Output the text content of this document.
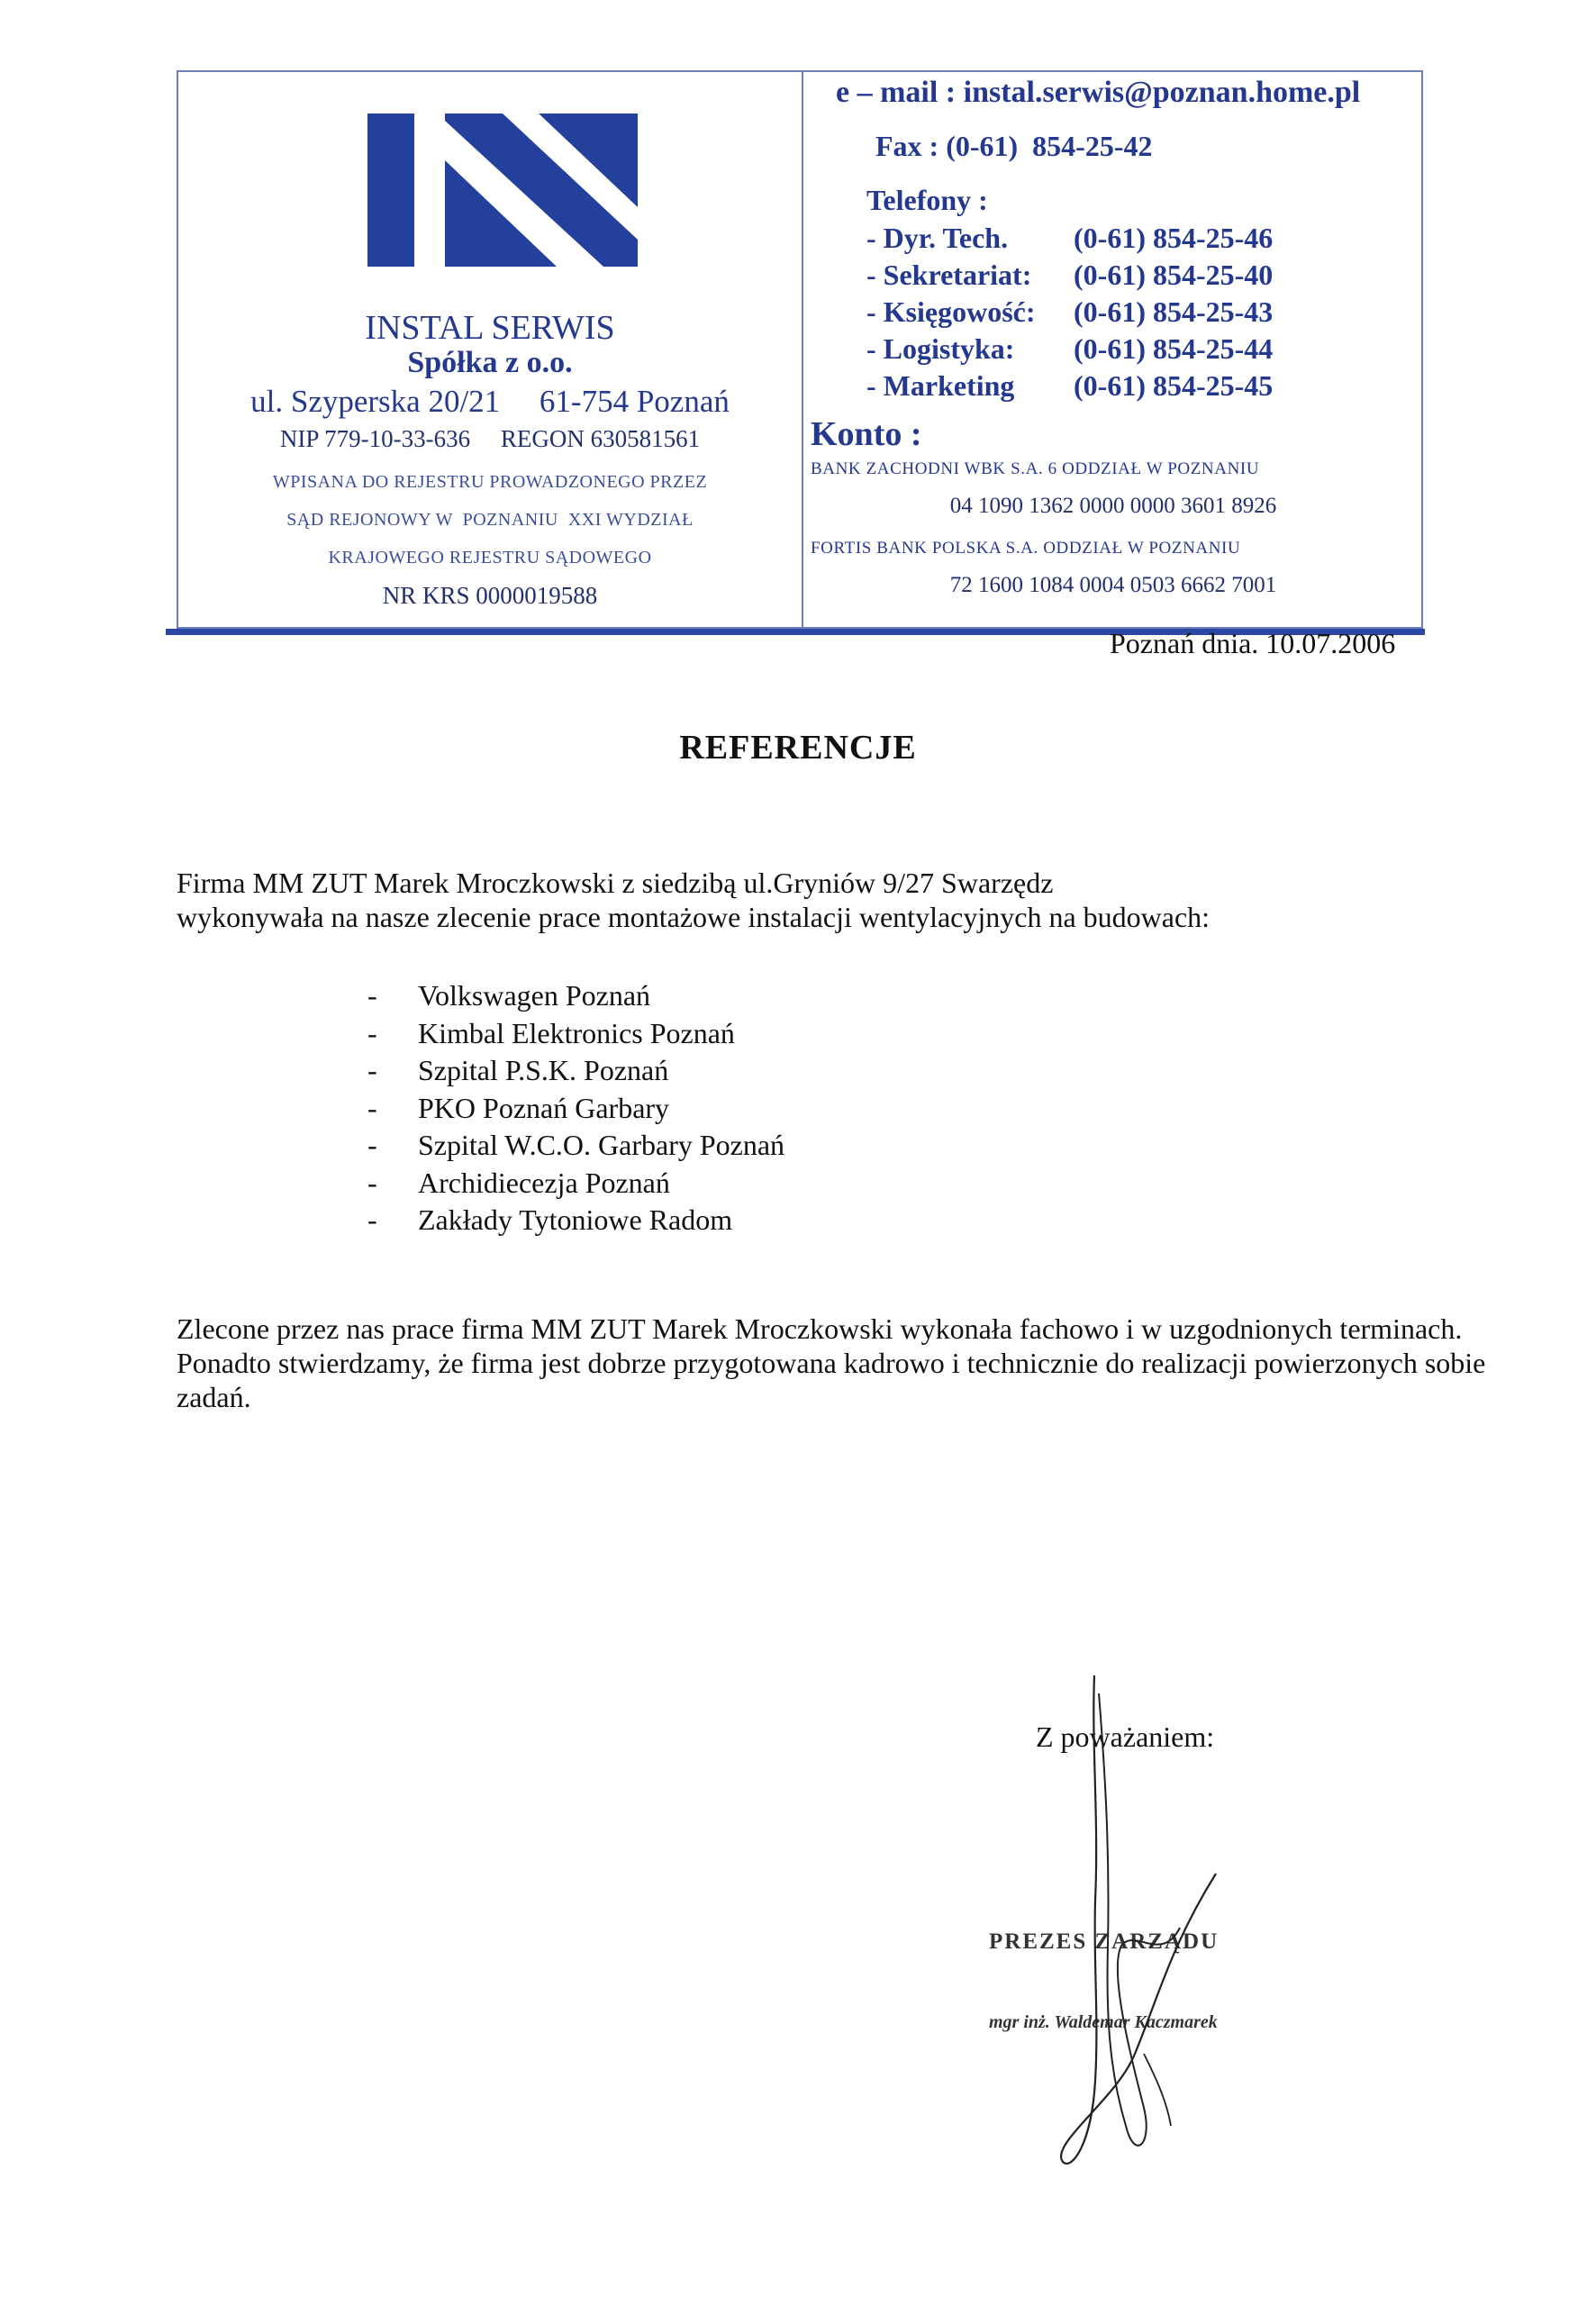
INSTAL SERWIS
Spółka z o.o.
ul. Szyperska 20/21     61-754 Poznań
NIP 779-10-33-636     REGON 630581561
WPISANA DO REJESTRU PROWADZONEGO PRZEZ
SĄD REJONOWY W  POZNANIU  XXI WYDZIAŁ
KRAJOWEGO REJESTRU SĄDOWEGO
NR KRS 0000019588
e – mail : instal.serwis@poznan.home.pl
Fax : (0-61)  854-25-42
Telefony :
- Dyr. Tech. (0-61) 854-25-46
- Sekretariat: (0-61) 854-25-40
- Księgowość: (0-61) 854-25-43
- Logistyka: (0-61) 854-25-44
- Marketing (0-61) 854-25-45
Konto :
BANK ZACHODNI WBK S.A. 6 ODDZIAŁ W POZNANIU
04 1090 1362 0000 0000 3601 8926
FORTIS BANK POLSKA S.A. ODDZIAŁ W POZNANIU
72 1600 1084 0004 0503 6662 7001
Poznań dnia. 10.07.2006
REFERENCJE
Firma MM ZUT Marek Mroczkowski z siedzibą ul.Gryniów 9/27 Swarzędz
wykonywała na nasze zlecenie prace montażowe instalacji wentylacyjnych na budowach:
- Volkswagen Poznań
- Kimbal Elektronics Poznań
- Szpital P.S.K. Poznań
- PKO Poznań Garbary
- Szpital W.C.O. Garbary Poznań
- Archidiecezja Poznań
- Zakłady Tytoniowe Radom
Zlecone przez nas prace firma MM ZUT Marek Mroczkowski wykonała fachowo i w uzgodnionych terminach. Ponadto stwierdzamy, że firma jest dobrze przygotowana kadrowo i technicznie do realizacji powierzonych sobie zadań.
Z poważaniem:
PREZES ZARZĄDU
mgr inż. Waldemar Kaczmarek
